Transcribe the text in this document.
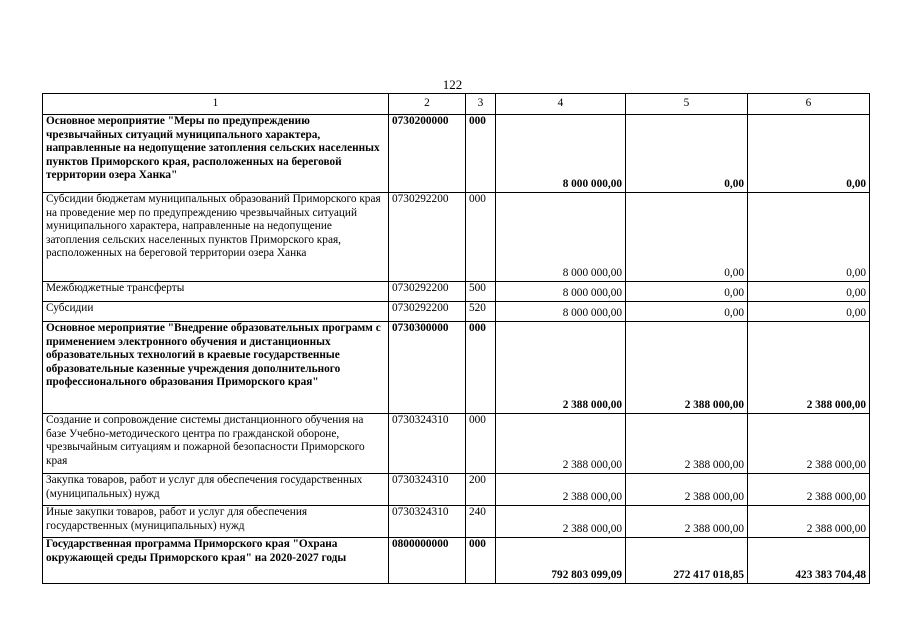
122
1	2	3	4	5	6
Основное мероприятие "Меры по предупреждению чрезвычайных ситуаций муниципального характера, направленные на недопущение затопления сельских населенных пунктов Приморского края, расположенных на береговой территории озера Ханка"	0730200000	000	8 000 000,00	0,00	0,00
Субсидии бюджетам муниципальных образований Приморского края на проведение мер по предупреждению чрезвычайных ситуаций муниципального характера, направленные на недопущение затопления сельских населенных пунктов Приморского края, расположенных на береговой территории озера Ханка	0730292200	000	8 000 000,00	0,00	0,00
Межбюджетные трансферты	0730292200	500	8 000 000,00	0,00	0,00
Субсидии	0730292200	520	8 000 000,00	0,00	0,00
Основное мероприятие "Внедрение образовательных программ с применением электронного обучения и дистанционных образовательных технологий в краевые государственные образовательные казенные учреждения дополнительного профессионального образования Приморского края"	0730300000	000	2 388 000,00	2 388 000,00	2 388 000,00
Создание и сопровождение системы дистанционного обучения на базе Учебно-методического центра по гражданской обороне, чрезвычайным ситуациям и пожарной безопасности Приморского края	0730324310	000	2 388 000,00	2 388 000,00	2 388 000,00
Закупка товаров, работ и услуг для обеспечения государственных (муниципальных) нужд	0730324310	200	2 388 000,00	2 388 000,00	2 388 000,00
Иные закупки товаров, работ и услуг для обеспечения государственных (муниципальных) нужд	0730324310	240	2 388 000,00	2 388 000,00	2 388 000,00
Государственная программа Приморского края "Охрана окружающей среды Приморского края" на 2020-2027 годы	0800000000	000	792 803 099,09	272 417 018,85	423 383 704,48
